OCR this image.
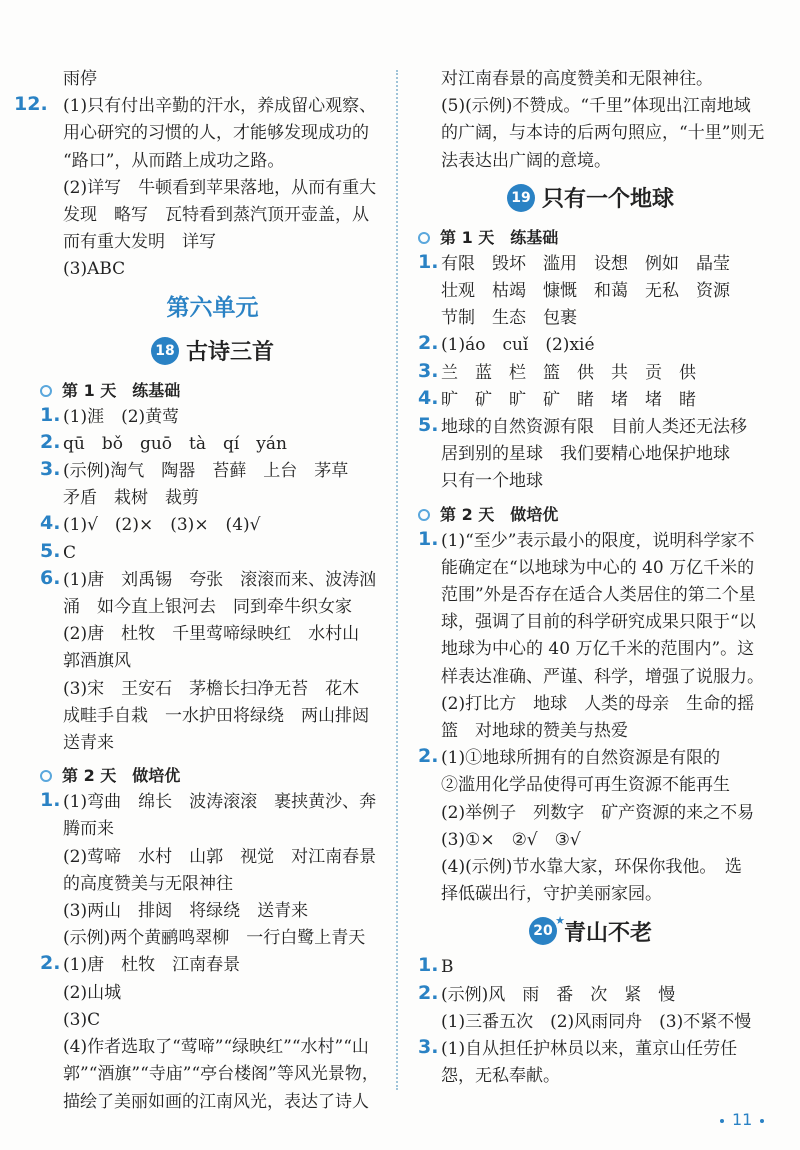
雨停
12. (1)只有付出辛勤的汗水，养成留心观察、
用心研究的习惯的人，才能够发现成功的
“路口”，从而踏上成功之路。
(2)详写　牛顿看到苹果落地，从而有重大
发现　略写　瓦特看到蒸汽顶开壶盖，从
而有重大发明　详写
(3)ABC
第六单元
18 古诗三首
第 1 天　练基础
1. (1)涯　(2)黄莺
2. qū　bǒ　guō　tà　qí　yán
3. (示例)淘气　陶器　苔藓　上台　茅草
矛盾　栽树　裁剪
4. (1)√　(2)×　(3)×　(4)√
5. C
6. (1)唐　刘禹锡　夸张　滚滚而来、波涛汹
涌　如今直上银河去　同到牵牛织女家
(2)唐　杜牧　千里莺啼绿映红　水村山
郭酒旗风
(3)宋　王安石　茅檐长扫净无苔　花木
成畦手自栽　一水护田将绿绕　两山排闼
送青来
第 2 天　做培优
1. (1)弯曲　绵长　波涛滚滚　裹挟黄沙、奔
腾而来
(2)莺啼　水村　山郭　视觉　对江南春景
的高度赞美与无限神往
(3)两山　排闼　将绿绕　送青来
(示例)两个黄鹂鸣翠柳　一行白鹭上青天
2. (1)唐　杜牧　江南春景
(2)山城
(3)C
(4)作者选取了“莺啼”“绿映红”“水村”“山
郭”“酒旗”“寺庙”“亭台楼阁”等风光景物，
描绘了美丽如画的江南风光，表达了诗人
对江南春景的高度赞美和无限神往。
(5)(示例)不赞成。“千里”体现出江南地域
的广阔，与本诗的后两句照应，“十里”则无
法表达出广阔的意境。
19 只有一个地球
第 1 天　练基础
1. 有限　毁坏　滥用　设想　例如　晶莹
壮观　枯竭　慷慨　和蔼　无私　资源
节制　生态　包裹
2. (1)áo　cuǐ　(2)xié
3. 兰　蓝　栏　篮　供　共　贡　供
4. 旷　矿　旷　矿　睹　堵　堵　睹
5. 地球的自然资源有限　目前人类还无法移
居到别的星球　我们要精心地保护地球
只有一个地球
第 2 天　做培优
1. (1)“至少”表示最小的限度，说明科学家不
能确定在“以地球为中心的 40 万亿千米的
范围”外是否存在适合人类居住的第二个星
球，强调了目前的科学研究成果只限于“以
地球为中心的 40 万亿千米的范围内”。这
样表达准确、严谨、科学，增强了说服力。
(2)打比方　地球　人类的母亲　生命的摇
篮　对地球的赞美与热爱
2. (1)①地球所拥有的自然资源是有限的
②滥用化学品使得可再生资源不能再生
(2)举例子　列数字　矿产资源的来之不易
(3)①×　②√　③√
(4)(示例)节水靠大家，环保你我他。　选
择低碳出行，守护美丽家园。
20
★ 青山不老
1. B
2. (示例)风　雨　番　次　紧　慢
(1)三番五次　(2)风雨同舟　(3)不紧不慢
3. (1)自从担任护林员以来，董京山任劳任
怨，无私奉献。
11
